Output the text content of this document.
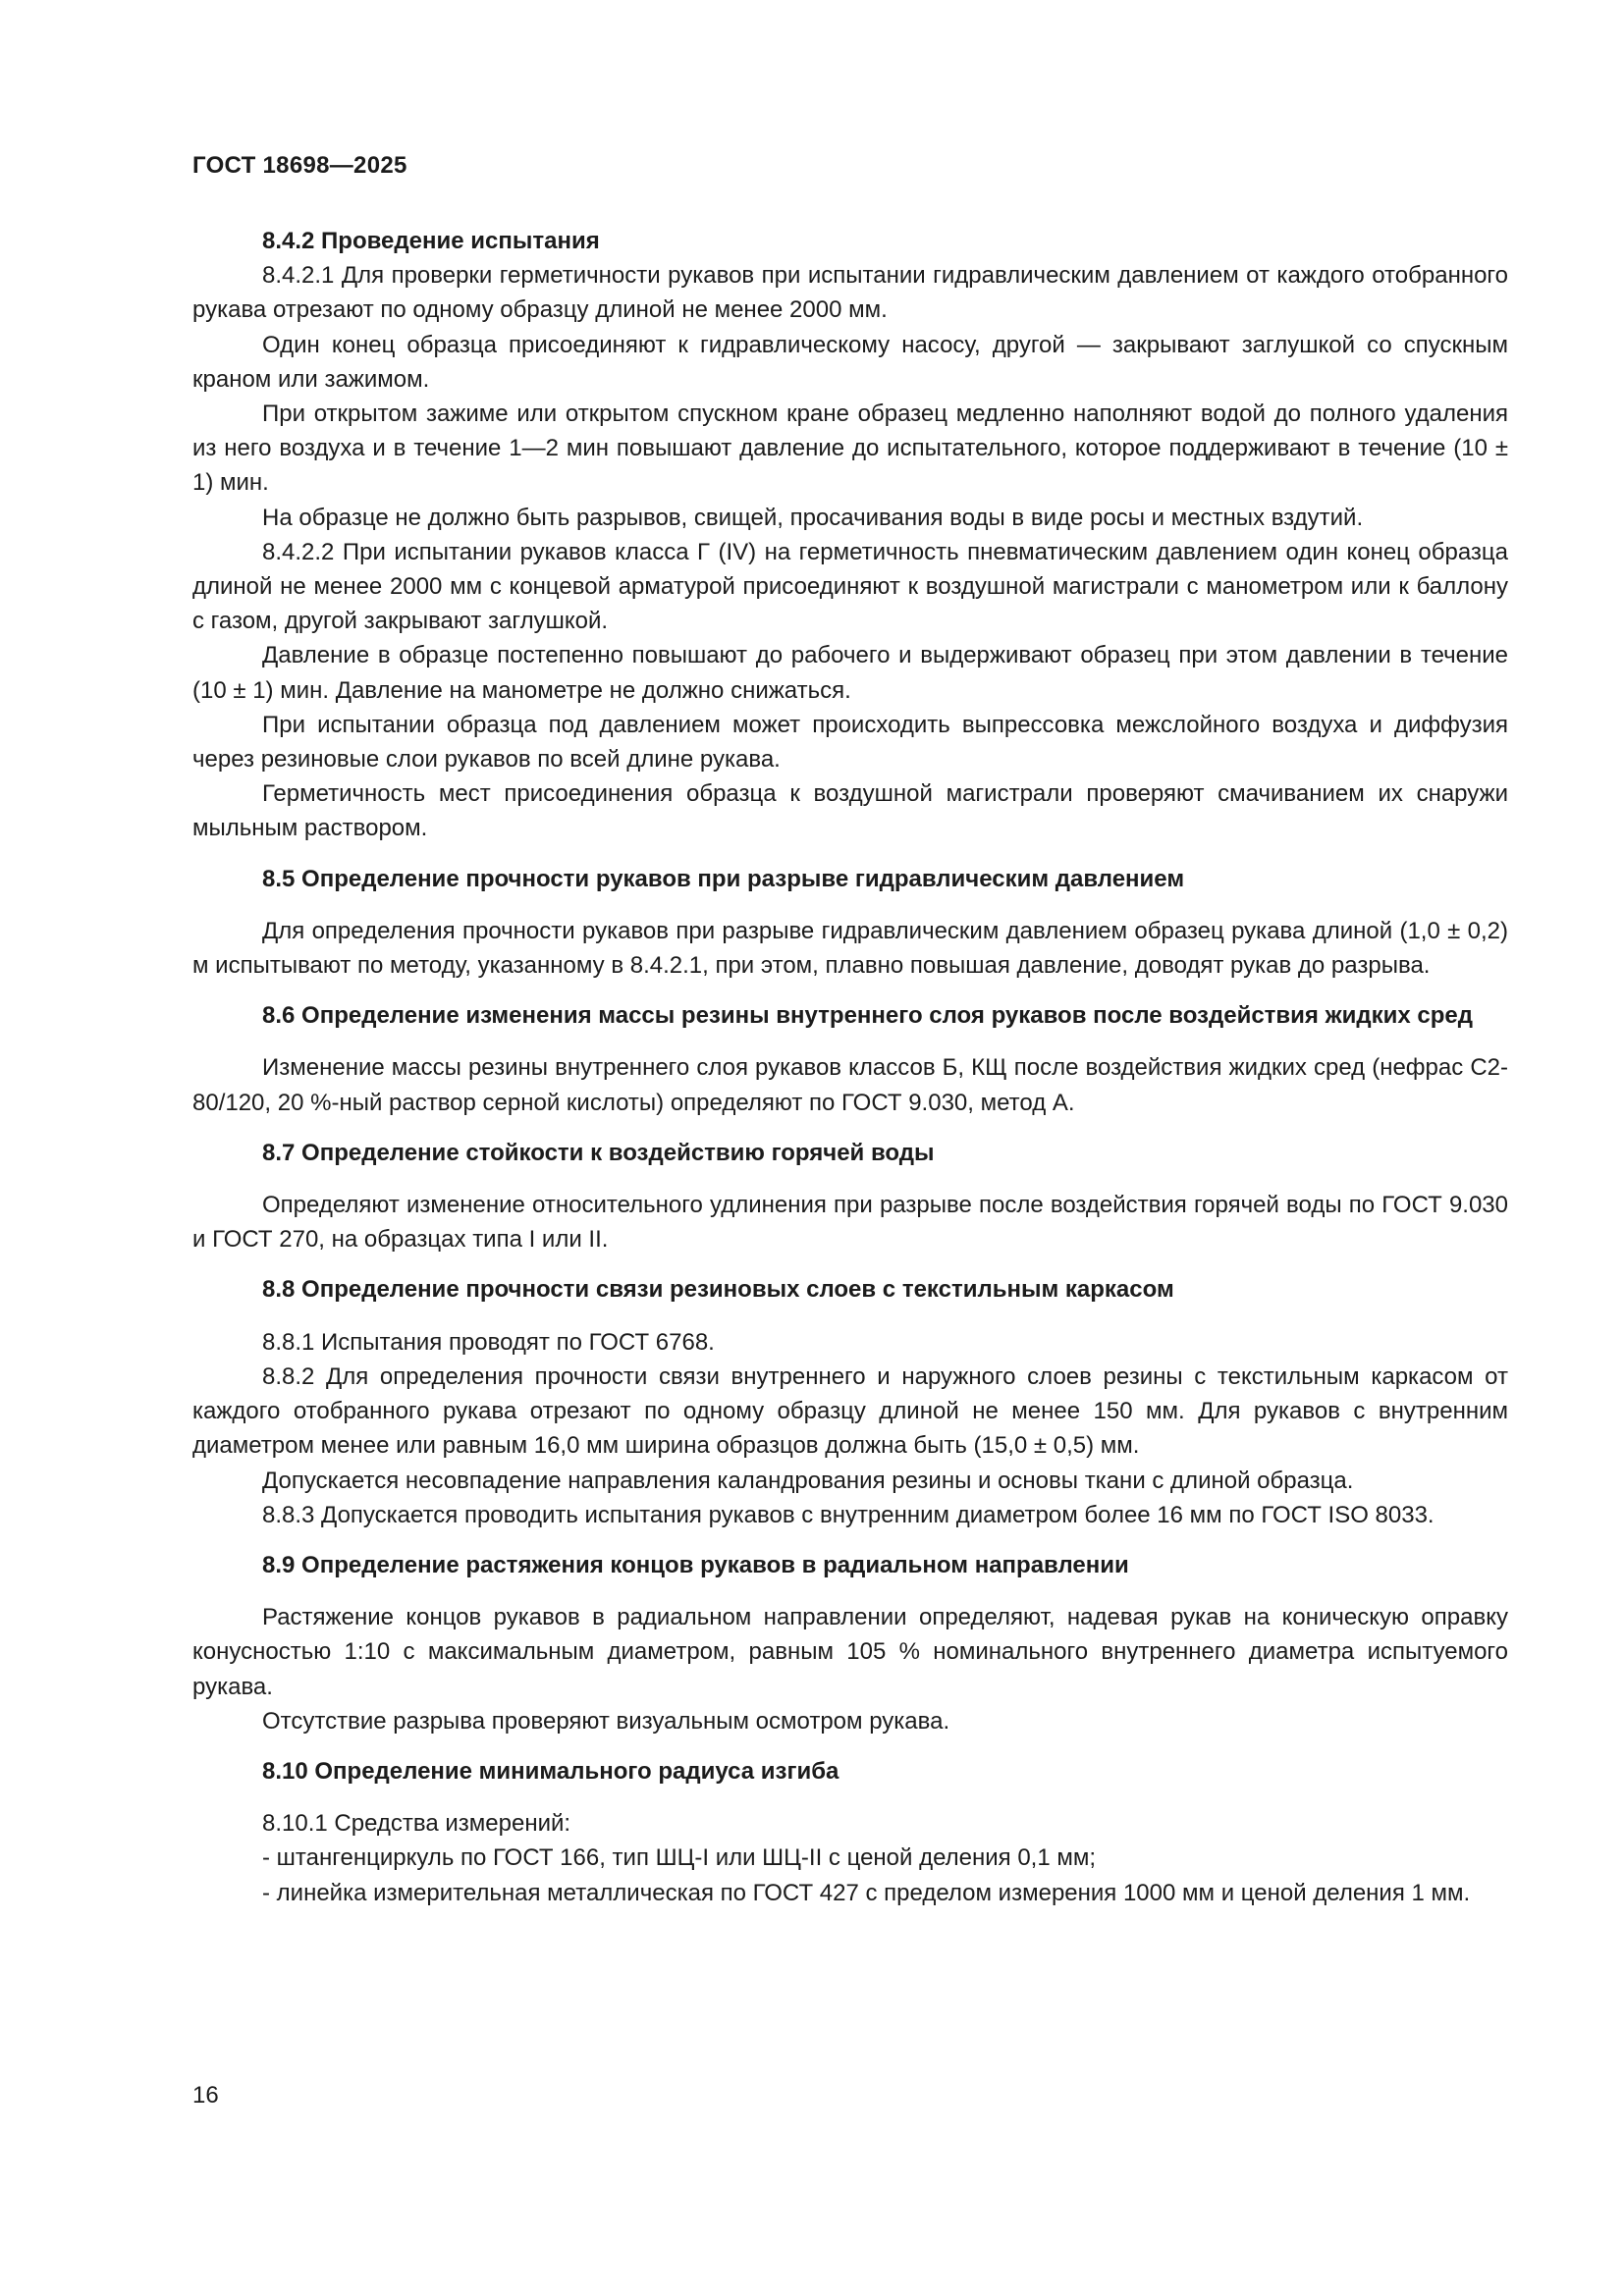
ГОСТ 18698—2025

8.4.2 Проведение испытания

8.4.2.1 Для проверки герметичности рукавов при испытании гидравлическим давлением от каждого отобранного рукава отрезают по одному образцу длиной не менее 2000 мм.

Один конец образца присоединяют к гидравлическому насосу, другой — закрывают заглушкой со спускным краном или зажимом.

При открытом зажиме или открытом спускном кране образец медленно наполняют водой до полного удаления из него воздуха и в течение 1—2 мин повышают давление до испытательного, которое поддерживают в течение (10 ± 1) мин.

На образце не должно быть разрывов, свищей, просачивания воды в виде росы и местных вздутий.

8.4.2.2 При испытании рукавов класса Г (IV) на герметичность пневматическим давлением один конец образца длиной не менее 2000 мм с концевой арматурой присоединяют к воздушной магистрали с манометром или к баллону с газом, другой закрывают заглушкой.

Давление в образце постепенно повышают до рабочего и выдерживают образец при этом давлении в течение (10 ± 1) мин. Давление на манометре не должно снижаться.

При испытании образца под давлением может происходить выпрессовка межслойного воздуха и диффузия через резиновые слои рукавов по всей длине рукава.

Герметичность мест присоединения образца к воздушной магистрали проверяют смачиванием их снаружи мыльным раствором.

8.5 Определение прочности рукавов при разрыве гидравлическим давлением

Для определения прочности рукавов при разрыве гидравлическим давлением образец рукава длиной (1,0 ± 0,2) м испытывают по методу, указанному в 8.4.2.1, при этом, плавно повышая давление, доводят рукав до разрыва.

8.6 Определение изменения массы резины внутреннего слоя рукавов после воздействия жидких сред

Изменение массы резины внутреннего слоя рукавов классов Б, КЩ после воздействия жидких сред (нефрас С2-80/120, 20 %-ный раствор серной кислоты) определяют по ГОСТ 9.030, метод А.

8.7 Определение стойкости к воздействию горячей воды

Определяют изменение относительного удлинения при разрыве после воздействия горячей воды по ГОСТ 9.030 и ГОСТ 270, на образцах типа I или II.

8.8 Определение прочности связи резиновых слоев с текстильным каркасом

8.8.1 Испытания проводят по ГОСТ 6768.

8.8.2 Для определения прочности связи внутреннего и наружного слоев резины с текстильным каркасом от каждого отобранного рукава отрезают по одному образцу длиной не менее 150 мм. Для рукавов с внутренним диаметром менее или равным 16,0 мм ширина образцов должна быть (15,0 ± 0,5) мм.

Допускается несовпадение направления каландрования резины и основы ткани с длиной образца.

8.8.3 Допускается проводить испытания рукавов с внутренним диаметром более 16 мм по ГОСТ ISO 8033.

8.9 Определение растяжения концов рукавов в радиальном направлении

Растяжение концов рукавов в радиальном направлении определяют, надевая рукав на коническую оправку конусностью 1:10 с максимальным диаметром, равным 105 % номинального внутреннего диаметра испытуемого рукава.

Отсутствие разрыва проверяют визуальным осмотром рукава.

8.10 Определение минимального радиуса изгиба

8.10.1 Средства измерений:

- штангенциркуль по ГОСТ 166, тип ШЦ-I или ШЦ-II с ценой деления 0,1 мм;

- линейка измерительная металлическая по ГОСТ 427 с пределом измерения 1000 мм и ценой деления 1 мм.

16
